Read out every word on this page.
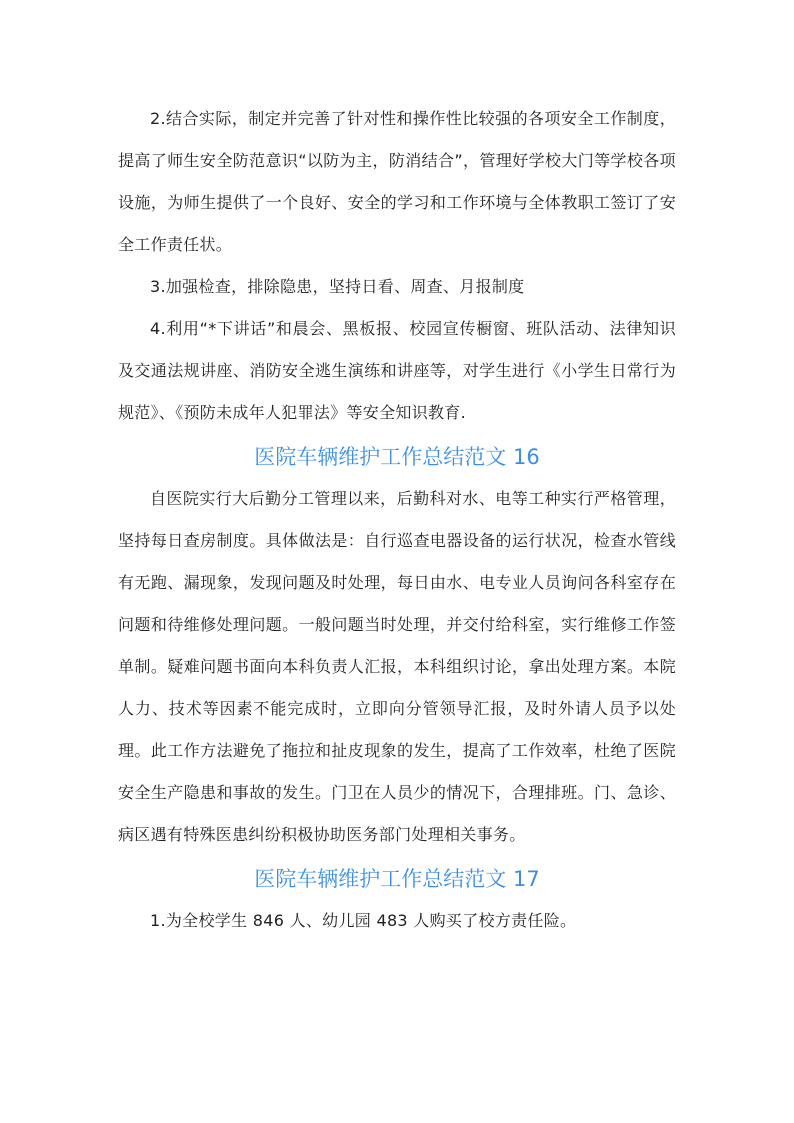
2.结合实际，制定并完善了针对性和操作性比较强的各项安全工作制度，提高了师生安全防范意识“以防为主，防消结合”，管理好学校大门等学校各项设施，为师生提供了一个良好、安全的学习和工作环境与全体教职工签订了安全工作责任状。

3.加强检查，排除隐患，坚持日看、周查、月报制度

4.利用“*下讲话”和晨会、黑板报、校园宣传橱窗、班队活动、法律知识及交通法规讲座、消防安全逃生演练和讲座等，对学生进行《小学生日常行为规范》、《预防未成年人犯罪法》等安全知识教育.

医院车辆维护工作总结范文 16

自医院实行大后勤分工管理以来，后勤科对水、电等工种实行严格管理，坚持每日查房制度。具体做法是：自行巡查电器设备的运行状况，检查水管线有无跑、漏现象，发现问题及时处理，每日由水、电专业人员询问各科室存在问题和待维修处理问题。一般问题当时处理，并交付给科室，实行维修工作签单制。疑难问题书面向本科负责人汇报，本科组织讨论，拿出处理方案。本院人力、技术等因素不能完成时，立即向分管领导汇报，及时外请人员予以处理。此工作方法避免了拖拉和扯皮现象的发生，提高了工作效率，杜绝了医院安全生产隐患和事故的发生。门卫在人员少的情况下，合理排班。门、急诊、病区遇有特殊医患纠纷积极协助医务部门处理相关事务。

医院车辆维护工作总结范文 17

1.为全校学生 846 人、幼儿园 483 人购买了校方责任险。
